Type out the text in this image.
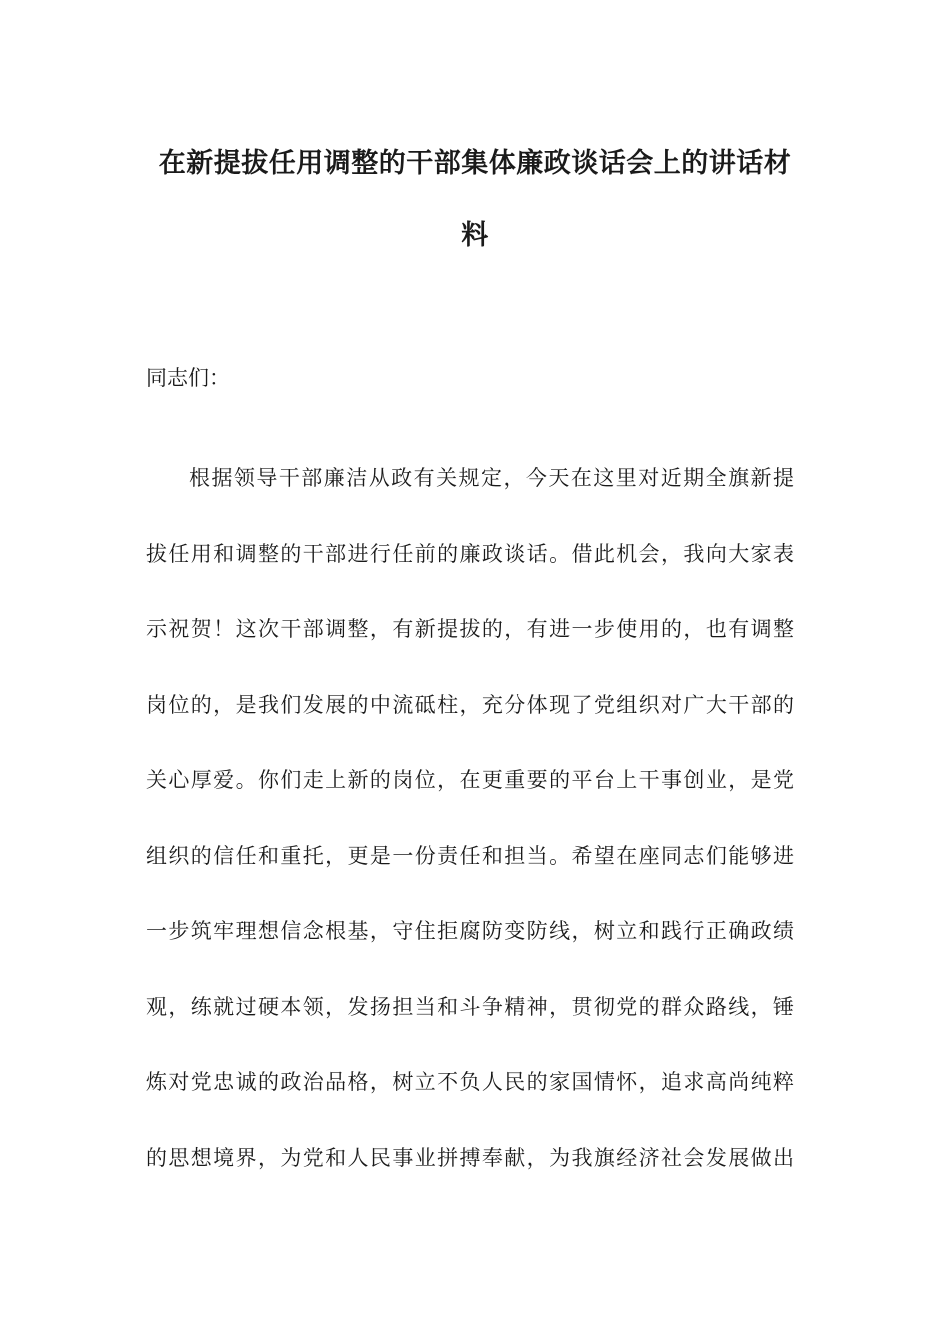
在新提拔任用调整的干部集体廉政谈话会上的讲话材
料

同志们：

根据领导干部廉洁从政有关规定，今天在这里对近期全旗新提
拔任用和调整的干部进行任前的廉政谈话。借此机会，我向大家表
示祝贺！这次干部调整，有新提拔的，有进一步使用的，也有调整
岗位的，是我们发展的中流砥柱，充分体现了党组织对广大干部的
关心厚爱。你们走上新的岗位，在更重要的平台上干事创业，是党
组织的信任和重托，更是一份责任和担当。希望在座同志们能够进
一步筑牢理想信念根基，守住拒腐防变防线，树立和践行正确政绩
观，练就过硬本领，发扬担当和斗争精神，贯彻党的群众路线，锤
炼对党忠诚的政治品格，树立不负人民的家国情怀，追求高尚纯粹
的思想境界，为党和人民事业拼搏奉献，为我旗经济社会发展做出
